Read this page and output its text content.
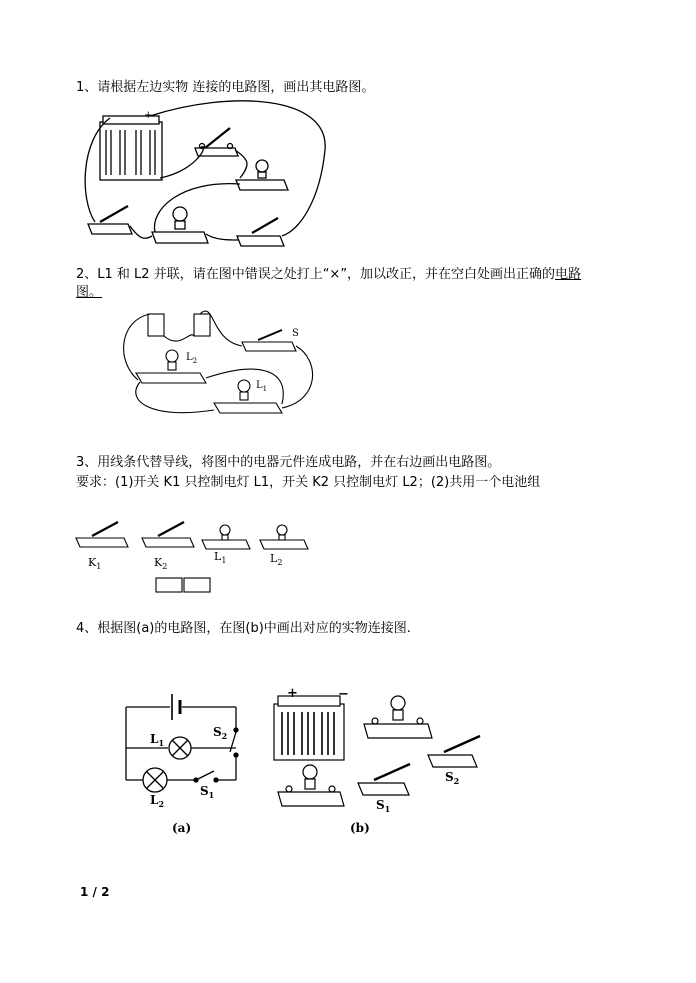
1、请根据左边实物 连接的电路图，画出其电路图。
2、L1 和 L2 并联，请在图中错误之处打上“×”，加以改正，并在空白处画出正确的电路
图。
3、用线条代替导线，将图中的电器元件连成电路，并在右边画出电路图。
要求：(1)开关 K1 只控制电灯 L1，开关 K2 只控制电灯 L2；(2)共用一个电池组
4、根据图(a)的电路图，在图(b)中画出对应的实物连接图.
+
S
$L_2$
$L_1$
$K_1$	$K_2$
$L_1$	$L_2$
$L_1$
$S_2$
$L_2$
$S_1$
(a)
+	−
$S_2$
$S_1$
(b)
1 / 2
